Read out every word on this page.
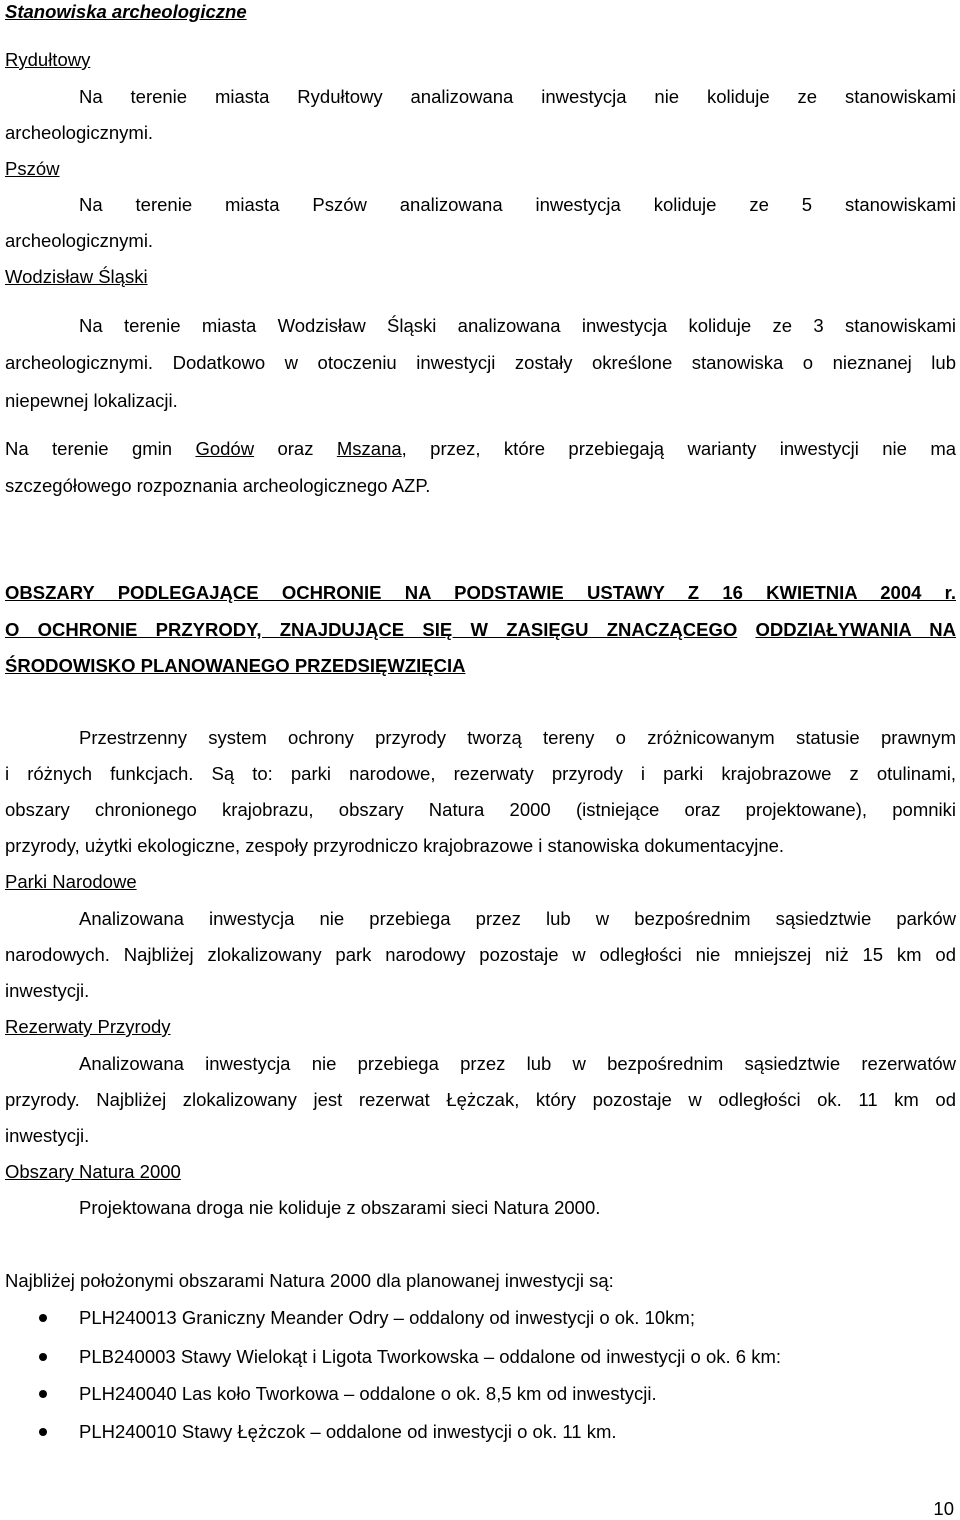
Stanowiska archeologiczne
Rydułtowy
Na terenie miasta Rydułtowy analizowana inwestycja nie koliduje ze stanowiskami
archeologicznymi.
Pszów
Na terenie miasta Pszów analizowana inwestycja koliduje ze 5 stanowiskami
archeologicznymi.
Wodzisław Śląski
Na terenie miasta Wodzisław Śląski analizowana inwestycja koliduje ze 3 stanowiskami
archeologicznymi. Dodatkowo w otoczeniu inwestycji zostały określone stanowiska o nieznanej lub
niepewnej lokalizacji.
Na terenie gmin Godów oraz Mszana, przez, które przebiegają warianty inwestycji nie ma
szczegółowego rozpoznania archeologicznego AZP.
OBSZARY PODLEGAJĄCE OCHRONIE NA PODSTAWIE USTAWY Z 16 KWIETNIA 2004 r.
O OCHRONIE PRZYRODY, ZNAJDUJĄCE SIĘ W ZASIĘGU ZNACZĄCEGO ODDZIAŁYWANIA NA
ŚRODOWISKO PLANOWANEGO PRZEDSIĘWZIĘCIA
Przestrzenny system ochrony przyrody tworzą tereny o zróżnicowanym statusie prawnym
i różnych funkcjach. Są to: parki narodowe, rezerwaty przyrody i parki krajobrazowe z otulinami,
obszary chronionego krajobrazu, obszary Natura 2000 (istniejące oraz projektowane), pomniki
przyrody, użytki ekologiczne, zespoły przyrodniczo krajobrazowe i stanowiska dokumentacyjne.
Parki Narodowe
Analizowana inwestycja nie przebiega przez lub w bezpośrednim sąsiedztwie parków
narodowych. Najbliżej zlokalizowany park narodowy pozostaje w odległości nie mniejszej niż 15 km od
inwestycji.
Rezerwaty Przyrody
Analizowana inwestycja nie przebiega przez lub w bezpośrednim sąsiedztwie rezerwatów
przyrody. Najbliżej zlokalizowany jest rezerwat Łężczak, który pozostaje w odległości ok. 11 km od
inwestycji.
Obszary Natura 2000
Projektowana droga nie koliduje z obszarami sieci Natura 2000.
Najbliżej położonymi obszarami Natura 2000 dla planowanej inwestycji są:
PLH240013 Graniczny Meander Odry – oddalony od inwestycji o ok. 10km;
PLB240003 Stawy Wielokąt i Ligota Tworkowska – oddalone od inwestycji o ok. 6 km:
PLH240040 Las koło Tworkowa – oddalone o ok. 8,5 km od inwestycji.
PLH240010 Stawy Łężczok – oddalone od inwestycji o ok. 11 km.
10
